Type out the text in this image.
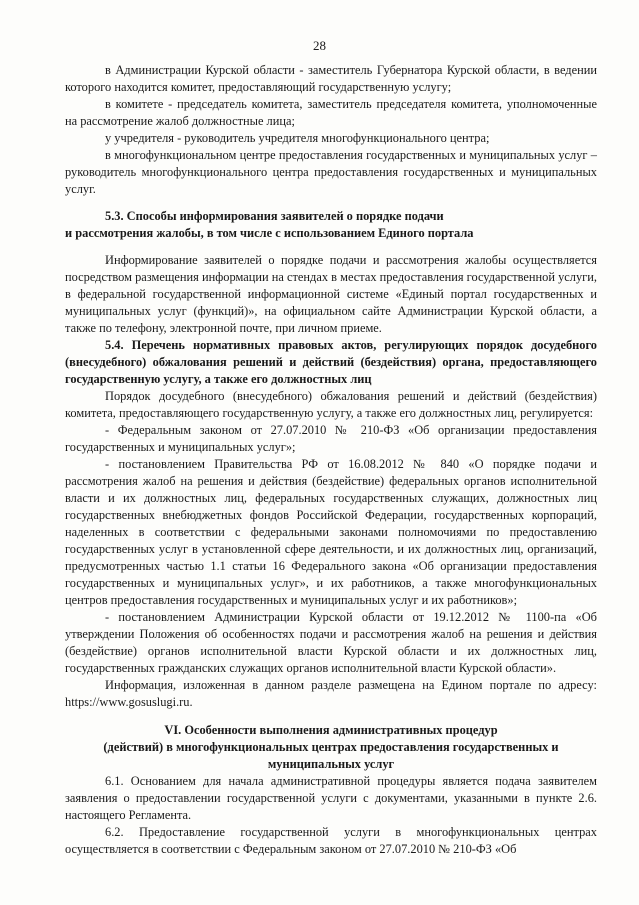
28

в Администрации Курской области - заместитель Губернатора Курской области, в ведении которого находится комитет, предоставляющий государственную услугу;

в комитете - председатель комитета, заместитель председателя комитета, уполномоченные на рассмотрение жалоб должностные лица;

у учредителя - руководитель учредителя многофункционального центра;

в многофункциональном центре предоставления государственных и муниципальных услуг – руководитель многофункционального центра предоставления государственных и муниципальных услуг.

5.3. Способы информирования заявителей о порядке подачи
и рассмотрения жалобы, в том числе с использованием Единого портала

Информирование заявителей о порядке подачи и рассмотрения жалобы осуществляется посредством размещения информации на стендах в местах предоставления государственной услуги, в федеральной государственной информационной системе «Единый портал государственных и муниципальных услуг (функций)», на официальном сайте Администрации Курской области, а также по телефону, электронной почте, при личном приеме.

5.4. Перечень нормативных правовых актов, регулирующих порядок досудебного (внесудебного) обжалования решений и действий (бездействия) органа, предоставляющего государственную услугу, а также его должностных лиц

Порядок досудебного (внесудебного) обжалования решений и действий (бездействия) комитета, предоставляющего государственную услугу, а также его должностных лиц, регулируется:

- Федеральным законом от 27.07.2010 № 210-ФЗ «Об организации предоставления государственных и муниципальных услуг»;

- постановлением Правительства РФ от 16.08.2012 № 840 «О порядке подачи и рассмотрения жалоб на решения и действия (бездействие) федеральных органов исполнительной власти и их должностных лиц, федеральных государственных служащих, должностных лиц государственных внебюджетных фондов Российской Федерации, государственных корпораций, наделенных в соответствии с федеральными законами полномочиями по предоставлению государственных услуг в установленной сфере деятельности, и их должностных лиц, организаций, предусмотренных частью 1.1 статьи 16 Федерального закона «Об организации предоставления государственных и муниципальных услуг», и их работников, а также многофункциональных центров предоставления государственных и муниципальных услуг и их работников»;

- постановлением Администрации Курской области от 19.12.2012 № 1100-па «Об утверждении Положения об особенностях подачи и рассмотрения жалоб на решения и действия (бездействие) органов исполнительной власти Курской области и их должностных лиц, государственных гражданских служащих органов исполнительной власти Курской области».

Информация, изложенная в данном разделе размещена на Едином портале по адресу: https://www.gosuslugi.ru.

VI. Особенности выполнения административных процедур
(действий) в многофункциональных центрах предоставления государственных и
муниципальных услуг

6.1. Основанием для начала административной процедуры является подача заявителем заявления о предоставлении государственной услуги с документами, указанными в пункте 2.6. настоящего Регламента.

6.2. Предоставление государственной услуги в многофункциональных центрах осуществляется в соответствии с Федеральным законом от 27.07.2010 № 210-ФЗ «Об
